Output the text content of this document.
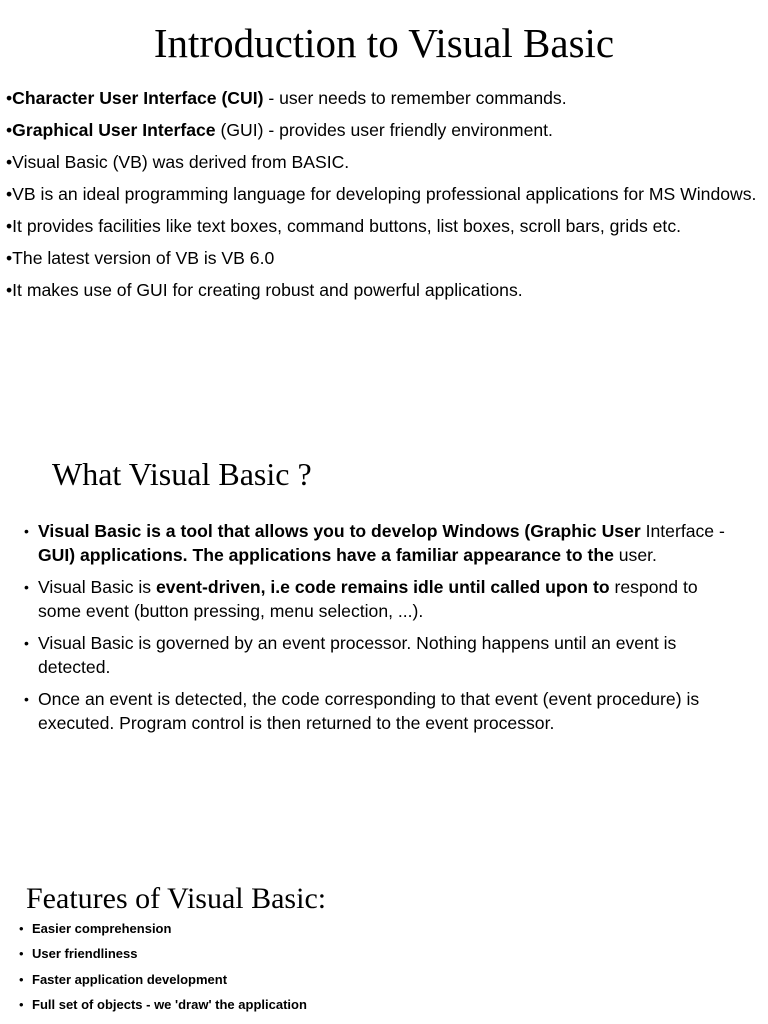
Introduction to Visual Basic
•Character User Interface (CUI) - user needs to remember commands.
•Graphical User Interface (GUI) - provides user friendly environment.
•Visual Basic (VB) was derived from BASIC.
•VB is an ideal programming language for developing professional applications for MS Windows.
•It provides facilities like text boxes, command buttons, list boxes, scroll bars, grids etc.
•The latest version of VB is VB 6.0
•It makes use of GUI for creating robust and powerful applications.
What Visual Basic ?
• Visual Basic is a tool that allows you to develop Windows (Graphic User Interface - GUI) applications. The applications have a familiar appearance to the user.
• Visual Basic is event-driven, i.e code remains idle until called upon to respond to some event (button pressing, menu selection, ...).
• Visual Basic is governed by an event processor. Nothing happens until an event is detected.
• Once an event is detected, the code corresponding to that event (event procedure) is executed. Program control is then returned to the event processor.
Features of Visual Basic:
• Easier comprehension
• User friendliness
• Faster application development
• Full set of objects - we 'draw' the application
